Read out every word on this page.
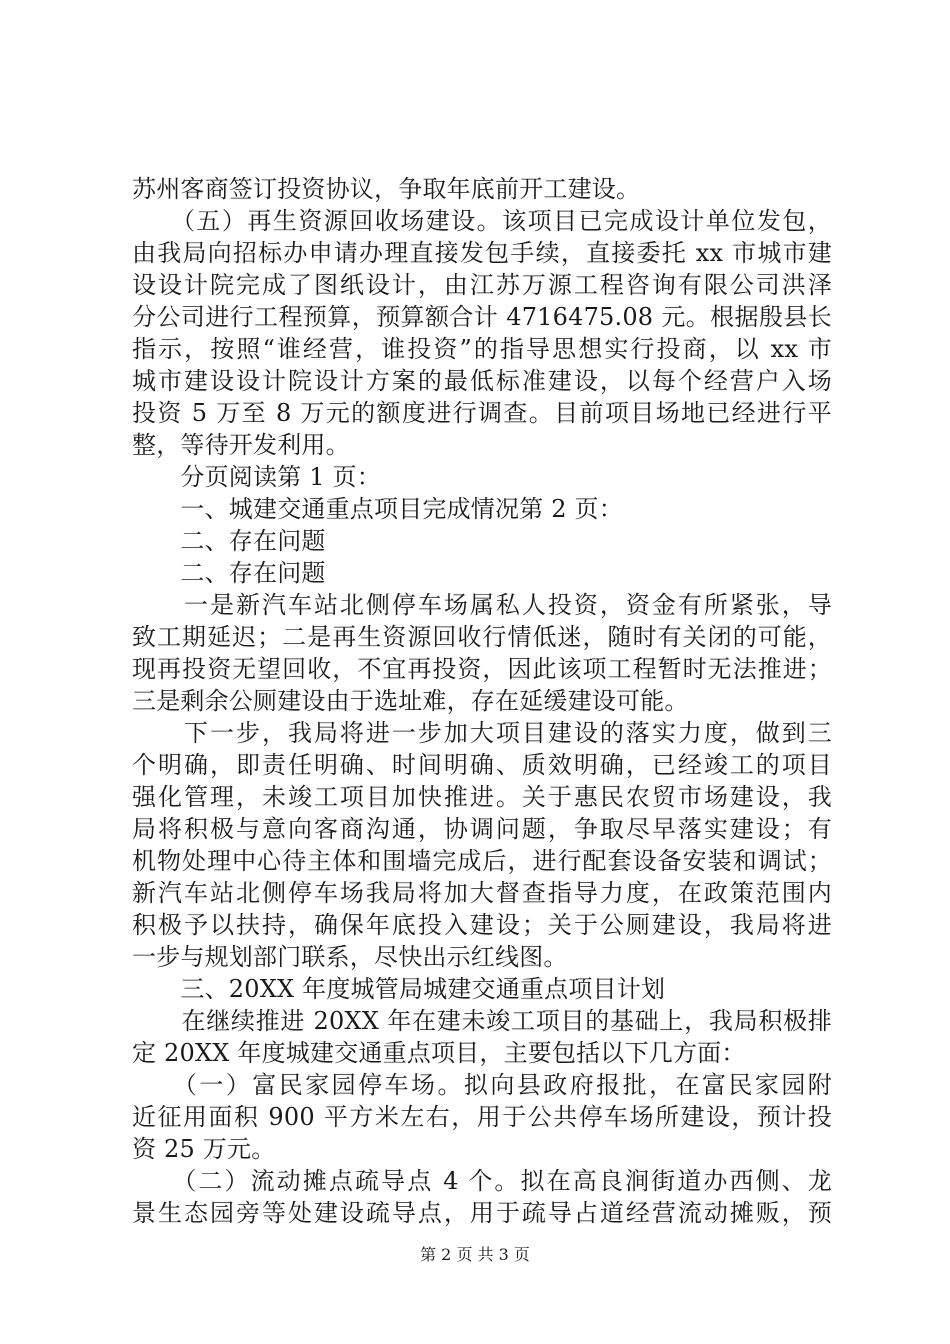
苏州客商签订投资协议，争取年底前开工建设。
　　（五）再生资源回收场建设。该项目已完成设计单位发包，
由我局向招标办申请办理直接发包手续，直接委托 xx 市城市建
设设计院完成了图纸设计，由江苏万源工程咨询有限公司洪泽
分公司进行工程预算，预算额合计 4716475.08 元。根据殷县长
指示，按照“谁经营，谁投资”的指导思想实行投商，以 xx 市
城市建设设计院设计方案的最低标准建设，以每个经营户入场
投资 5 万至 8 万元的额度进行调查。目前项目场地已经进行平
整，等待开发利用。
　　分页阅读第 1 页：
　　一、城建交通重点项目完成情况第 2 页：
　　二、存在问题
　　二、存在问题
　　一是新汽车站北侧停车场属私人投资，资金有所紧张，导
致工期延迟；二是再生资源回收行情低迷，随时有关闭的可能，
现再投资无望回收，不宜再投资，因此该项工程暂时无法推进；
三是剩余公厕建设由于选址难，存在延缓建设可能。
　　下一步，我局将进一步加大项目建设的落实力度，做到三
个明确，即责任明确、时间明确、质效明确，已经竣工的项目
强化管理，未竣工项目加快推进。关于惠民农贸市场建设，我
局将积极与意向客商沟通，协调问题，争取尽早落实建设；有
机物处理中心待主体和围墙完成后，进行配套设备安装和调试；
新汽车站北侧停车场我局将加大督查指导力度，在政策范围内
积极予以扶持，确保年底投入建设；关于公厕建设，我局将进
一步与规划部门联系，尽快出示红线图。
　　三、20XX 年度城管局城建交通重点项目计划
　　在继续推进 20XX 年在建未竣工项目的基础上，我局积极排
定 20XX 年度城建交通重点项目，主要包括以下几方面：
　　（一）富民家园停车场。拟向县政府报批，在富民家园附
近征用面积 900 平方米左右，用于公共停车场所建设，预计投
资 25 万元。
　　（二）流动摊点疏导点 4 个。拟在高良涧街道办西侧、龙
景生态园旁等处建设疏导点，用于疏导占道经营流动摊贩，预
第 2 页 共 3 页
